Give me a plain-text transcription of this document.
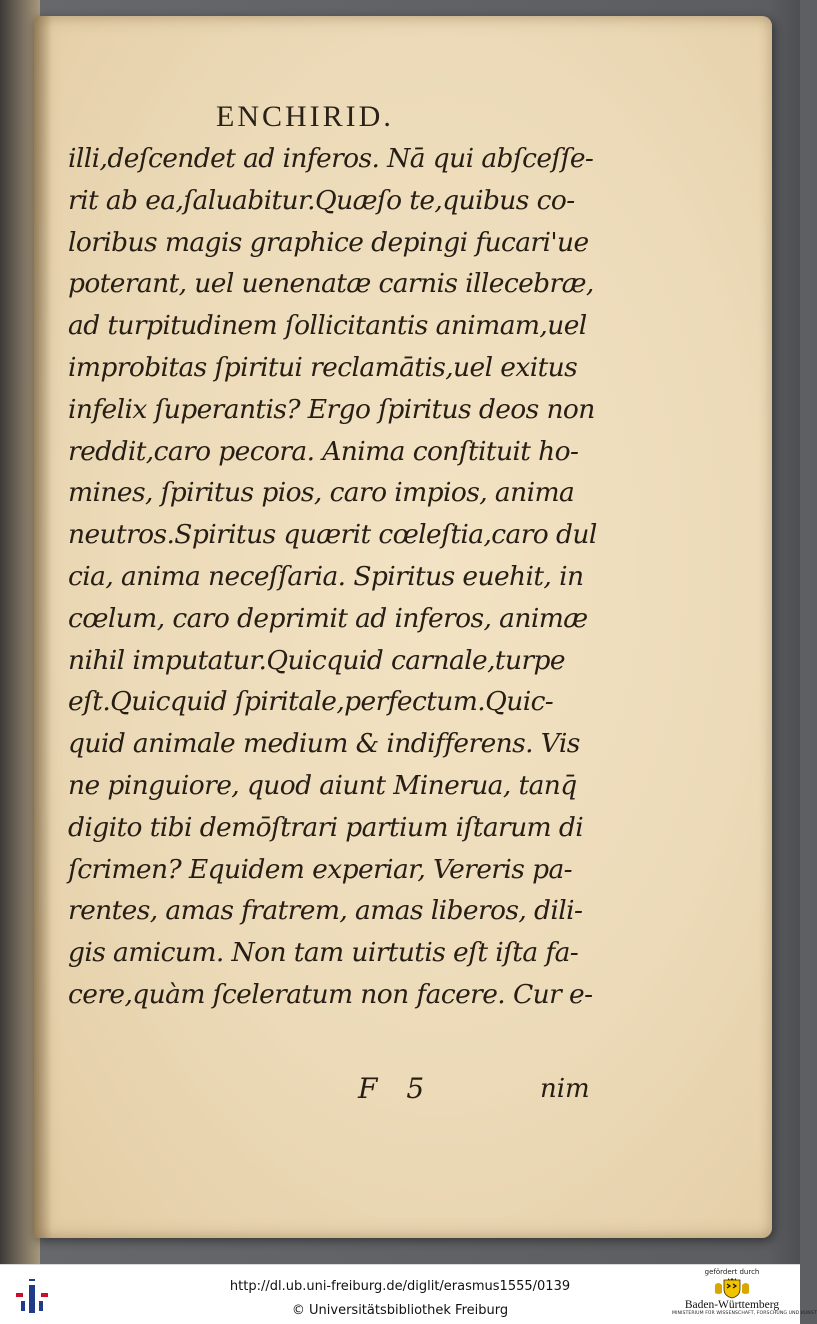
ENCHIRID.
illi,deſcendet ad inferos. Nā qui abſceſſe-
rit ab ea,ſaluabitur.Quæſo te,quibus co-
loribus magis graphice depingi fucari'ue
poterant, uel uenenatæ carnis illecebræ,
ad turpitudinem ſollicitantis animam,uel
improbitas ſpiritui reclamātis,uel exitus
infelix ſuperantis? Ergo ſpiritus deos non
reddit,caro pecora. Anima conſtituit ho-
mines, ſpiritus pios, caro impios, anima
neutros.Spiritus quærit cœleſtia,caro dul
cia, anima neceſſaria. Spiritus euehit, in
cœlum, caro deprimit ad inferos, animæ
nihil imputatur.Quicquid carnale,turpe
eſt.Quicquid ſpiritale,perfectum.Quic-
quid animale medium & indifferens. Vis
ne pinguiore, quod aiunt Minerua, tanq̄
digito tibi demōſtrari partium iſtarum di
ſcrimen? Equidem experiar, Vereris pa-
rentes, amas fratrem, amas liberos, dili-
gis amicum. Non tam uirtutis eſt iſta fa-
cere,quàm ſceleratum non facere. Cur e-
F 5	nim
http://dl.ub.uni-freiburg.de/diglit/erasmus1555/0139
© Universitätsbibliothek Freiburg
gefördert durch
Baden-Württemberg
MINISTERIUM FÜR WISSENSCHAFT, FORSCHUNG UND KUNST
